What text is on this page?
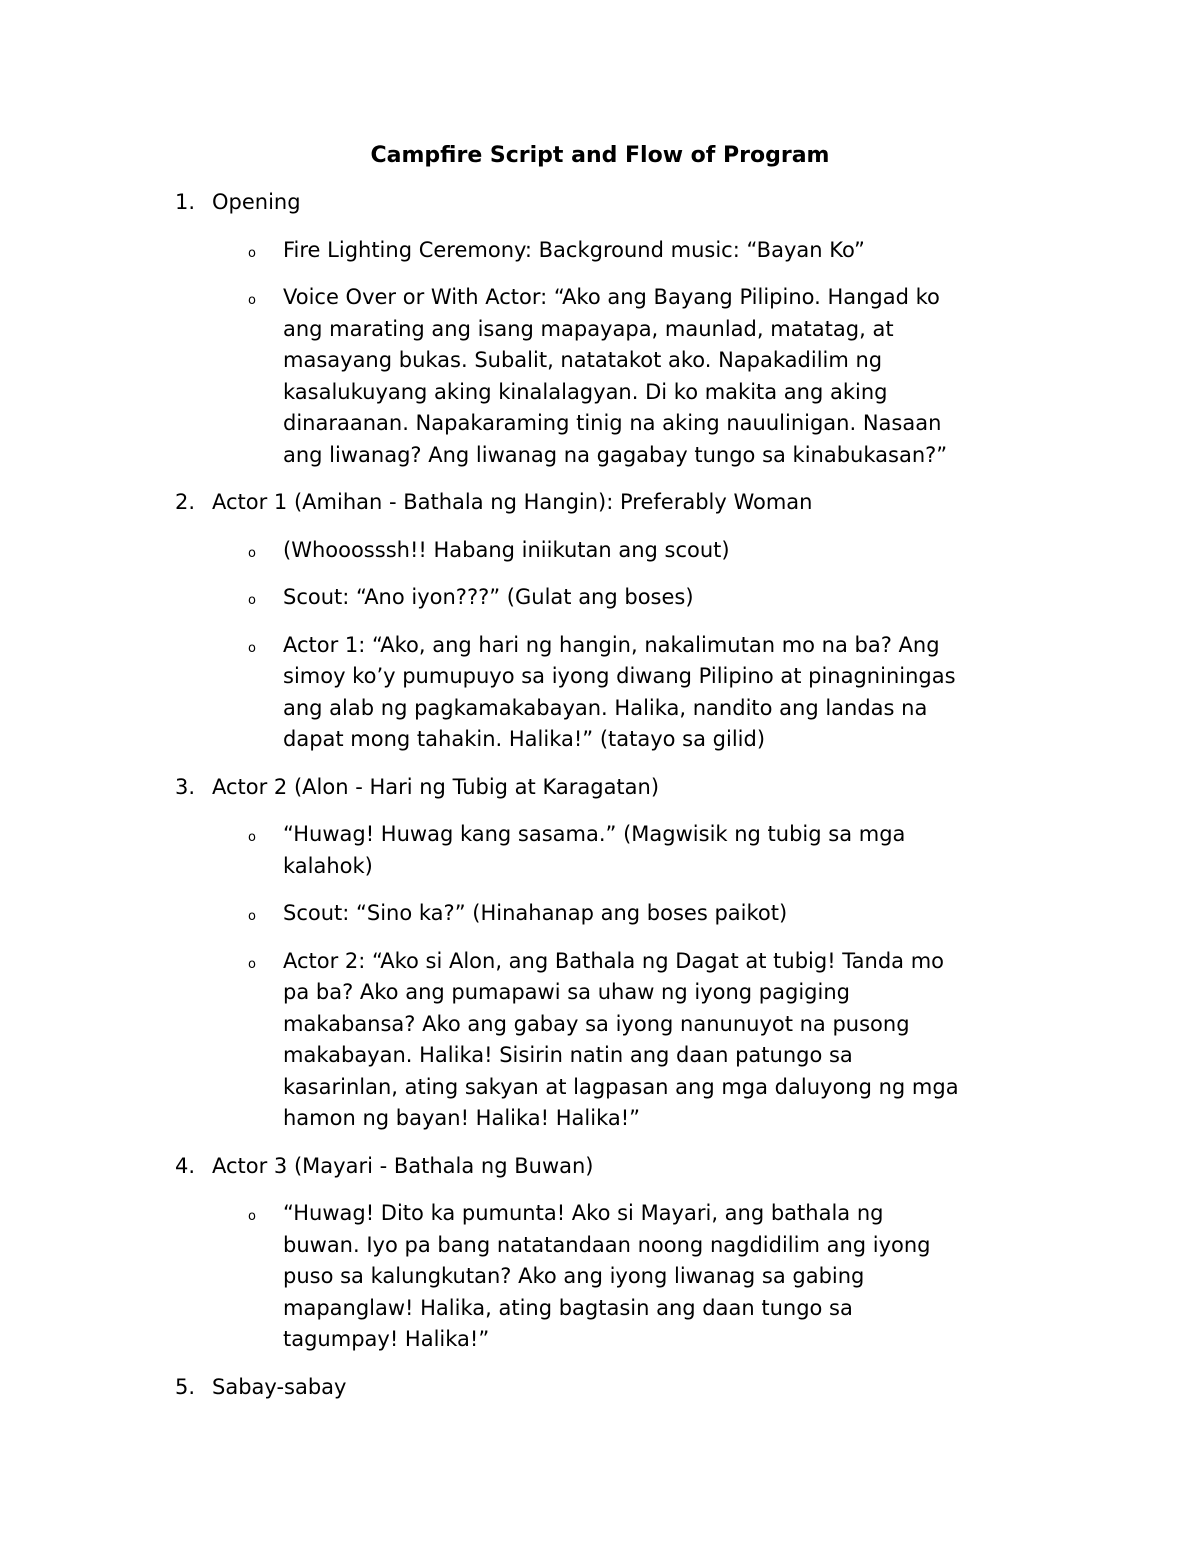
Campfire Script and Flow of Program
1. Opening
o Fire Lighting Ceremony: Background music: “Bayan Ko”
o Voice Over or With Actor: “Ako ang Bayang Pilipino. Hangad ko ang marating ang isang mapayapa, maunlad, matatag, at masayang bukas. Subalit, natatakot ako. Napakadilim ng kasalukuyang aking kinalalagyan. Di ko makita ang aking dinaraanan. Napakaraming tinig na aking nauulinigan. Nasaan ang liwanag? Ang liwanag na gagabay tungo sa kinabukasan?”
2. Actor 1 (Amihan - Bathala ng Hangin): Preferably Woman
o (Whooosssh!! Habang iniikutan ang scout)
o Scout: “Ano iyon???” (Gulat ang boses)
o Actor 1: “Ako, ang hari ng hangin, nakalimutan mo na ba? Ang simoy ko’y pumupuyo sa iyong diwang Pilipino at pinagniningas ang alab ng pagkamakabayan. Halika, nandito ang landas na dapat mong tahakin. Halika!” (tatayo sa gilid)
3. Actor 2 (Alon - Hari ng Tubig at Karagatan)
o “Huwag! Huwag kang sasama.” (Magwisik ng tubig sa mga kalahok)
o Scout: “Sino ka?” (Hinahanap ang boses paikot)
o Actor 2: “Ako si Alon, ang Bathala ng Dagat at tubig! Tanda mo pa ba? Ako ang pumapawi sa uhaw ng iyong pagiging makabansa? Ako ang gabay sa iyong nanunuyot na pusong makabayan. Halika! Sisirin natin ang daan patungo sa kasarinlan, ating sakyan at lagpasan ang mga daluyong ng mga hamon ng bayan! Halika! Halika!”
4. Actor 3 (Mayari - Bathala ng Buwan)
o “Huwag! Dito ka pumunta! Ako si Mayari, ang bathala ng buwan. Iyo pa bang natatandaan noong nagdidilim ang iyong puso sa kalungkutan? Ako ang iyong liwanag sa gabing mapanglaw! Halika, ating bagtasin ang daan tungo sa tagumpay! Halika!”
5. Sabay-sabay
